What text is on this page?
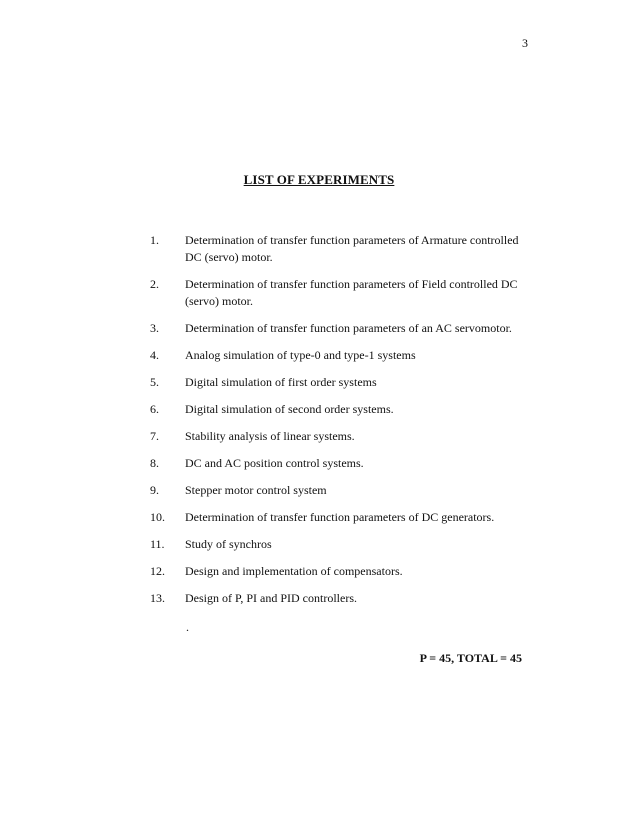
3
LIST OF EXPERIMENTS
1.	Determination of transfer function parameters of Armature controlled DC (servo) motor.
2.	Determination of transfer function parameters of Field controlled DC (servo) motor.
3.	Determination of transfer function parameters of an AC servomotor.
4.	Analog simulation of type-0 and type-1 systems
5.	Digital simulation of first order systems
6.	Digital simulation of second order systems.
7.	Stability analysis of linear systems.
8.	DC and AC position control systems.
9.	Stepper motor control system
10.	Determination of transfer function parameters of DC generators.
11.	Study of synchros
12.	Design and implementation of compensators.
13.	Design of P, PI and PID controllers.
.
P = 45, TOTAL = 45
